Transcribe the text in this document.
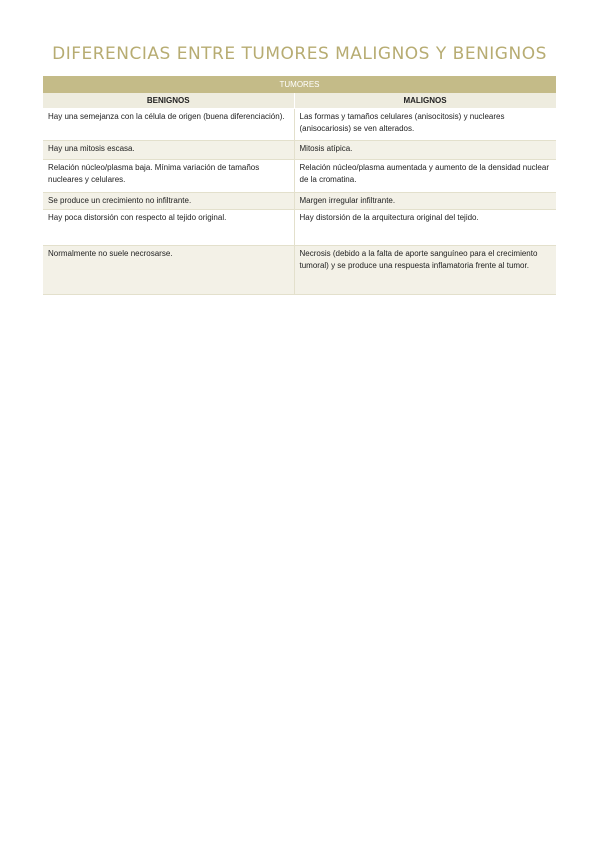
DIFERENCIAS ENTRE TUMORES MALIGNOS Y BENIGNOS
TUMORES	
BENIGNOS	MALIGNOS
Hay una semejanza con la célula de origen (buena diferenciación).	Las formas y tamaños celulares (anisocitosis) y nucleares (anisocariosis) se ven alterados.
Hay una mitosis escasa.	Mitosis atípica.
Relación núcleo/plasma baja. Mínima variación de tamaños nucleares y celulares.	Relación núcleo/plasma aumentada y aumento de la densidad nuclear de la cromatina.
Se produce un crecimiento no infiltrante.	Margen irregular infiltrante.
Hay poca distorsión con respecto al tejido original.	Hay distorsión de la arquitectura original del tejido.
Normalmente no suele necrosarse.	Necrosis (debido a la falta de aporte sanguíneo para el crecimiento tumoral) y se produce una respuesta inflamatoria frente al tumor.
